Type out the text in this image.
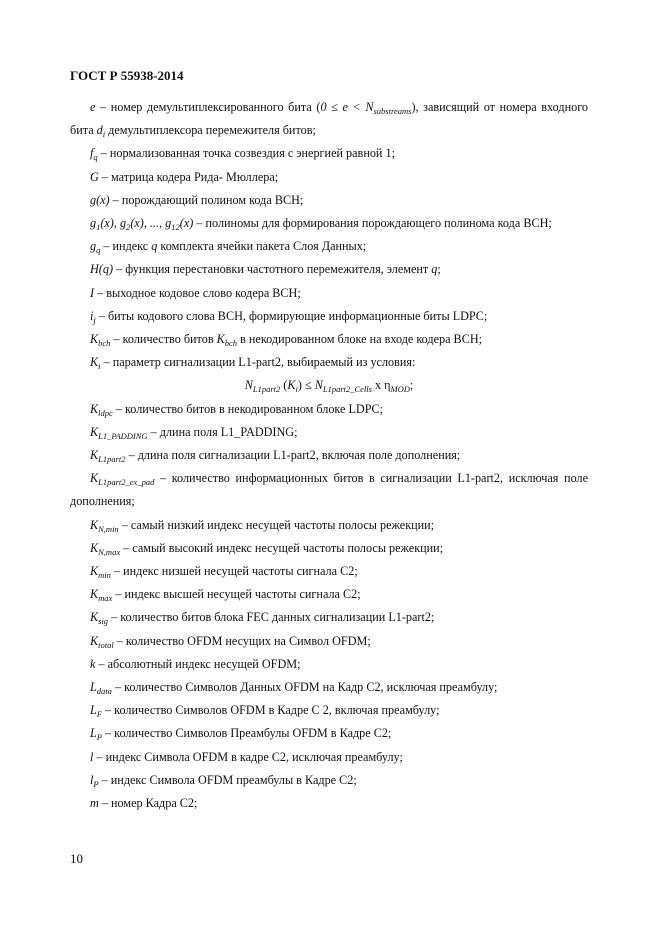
ГОСТ Р 55938-2014

e – номер демультиплексированного бита $(0 \le e < N_{substreams})$, зависящий от номера входного бита $d_i$ демультиплексора перемежителя битов;

$f_q$ – нормализованная точка созвездия с энергией равной 1;

G – матрица кодера Рида- Мюллера;

g(x) – порождающий полином кода BCH;

$g_1(x)$, $g_2(x)$, ..., $g_{12}(x)$ – полиномы для формирования порождающего полинома кода BCH;

$g_q$ – индекс q комплекта ячейки пакета Слоя Данных;

H(q) – функция перестановки частотного перемежителя, элемент q;

I – выходное кодовое слово кодера BCH;

$i_j$ – биты кодового слова BCH, формирующие информационные биты LDPC;

$K_{bch}$ – количество битов $K_{bch}$ в некодированном блоке на входе кодера BCH;

$K_i$ – параметр сигнализации L1-part2, выбираемый из условия:

$N_{L1part2}$ $(K_i) \le N_{L1part2\_Cells}$ x $\eta_{MOD}$;

$K_{ldpc}$ – количество битов в некодированном блоке LDPC;

$K_{L1\_PADDING}$ – длина поля L1_PADDING;

$K_{L1part2}$ – длина поля сигнализации L1-part2, включая поле дополнения;

$K_{L1part2\_ex\_pad}$ – количество информационных битов в сигнализации L1-part2, исключая поле дополнения;

$K_{N,min}$ – самый низкий индекс несущей частоты полосы режекции;

$K_{N,max}$ – самый высокий индекс несущей частоты полосы режекции;

$K_{min}$ – индекс низшей несущей частоты сигнала C2;

$K_{max}$ – индекс высшей несущей частоты сигнала C2;

$K_{sig}$ – количество битов блока FEC данных сигнализации L1-part2;

$K_{total}$ – количество OFDM несущих на Символ OFDM;

k – абсолютный индекс несущей OFDM;

$L_{data}$ – количество Символов Данных OFDM на Кадр C2, исключая преамбулу;

$L_F$ – количество Символов OFDM в Кадре C 2, включая преамбулу;

$L_P$ – количество Символов Преамбулы OFDM в Кадре C2;

l – индекс Символа OFDM в кадре C2, исключая преамбулу;

$l_P$ – индекс Символа OFDM преамбулы в Кадре C2;

m – номер Кадра C2;

10
